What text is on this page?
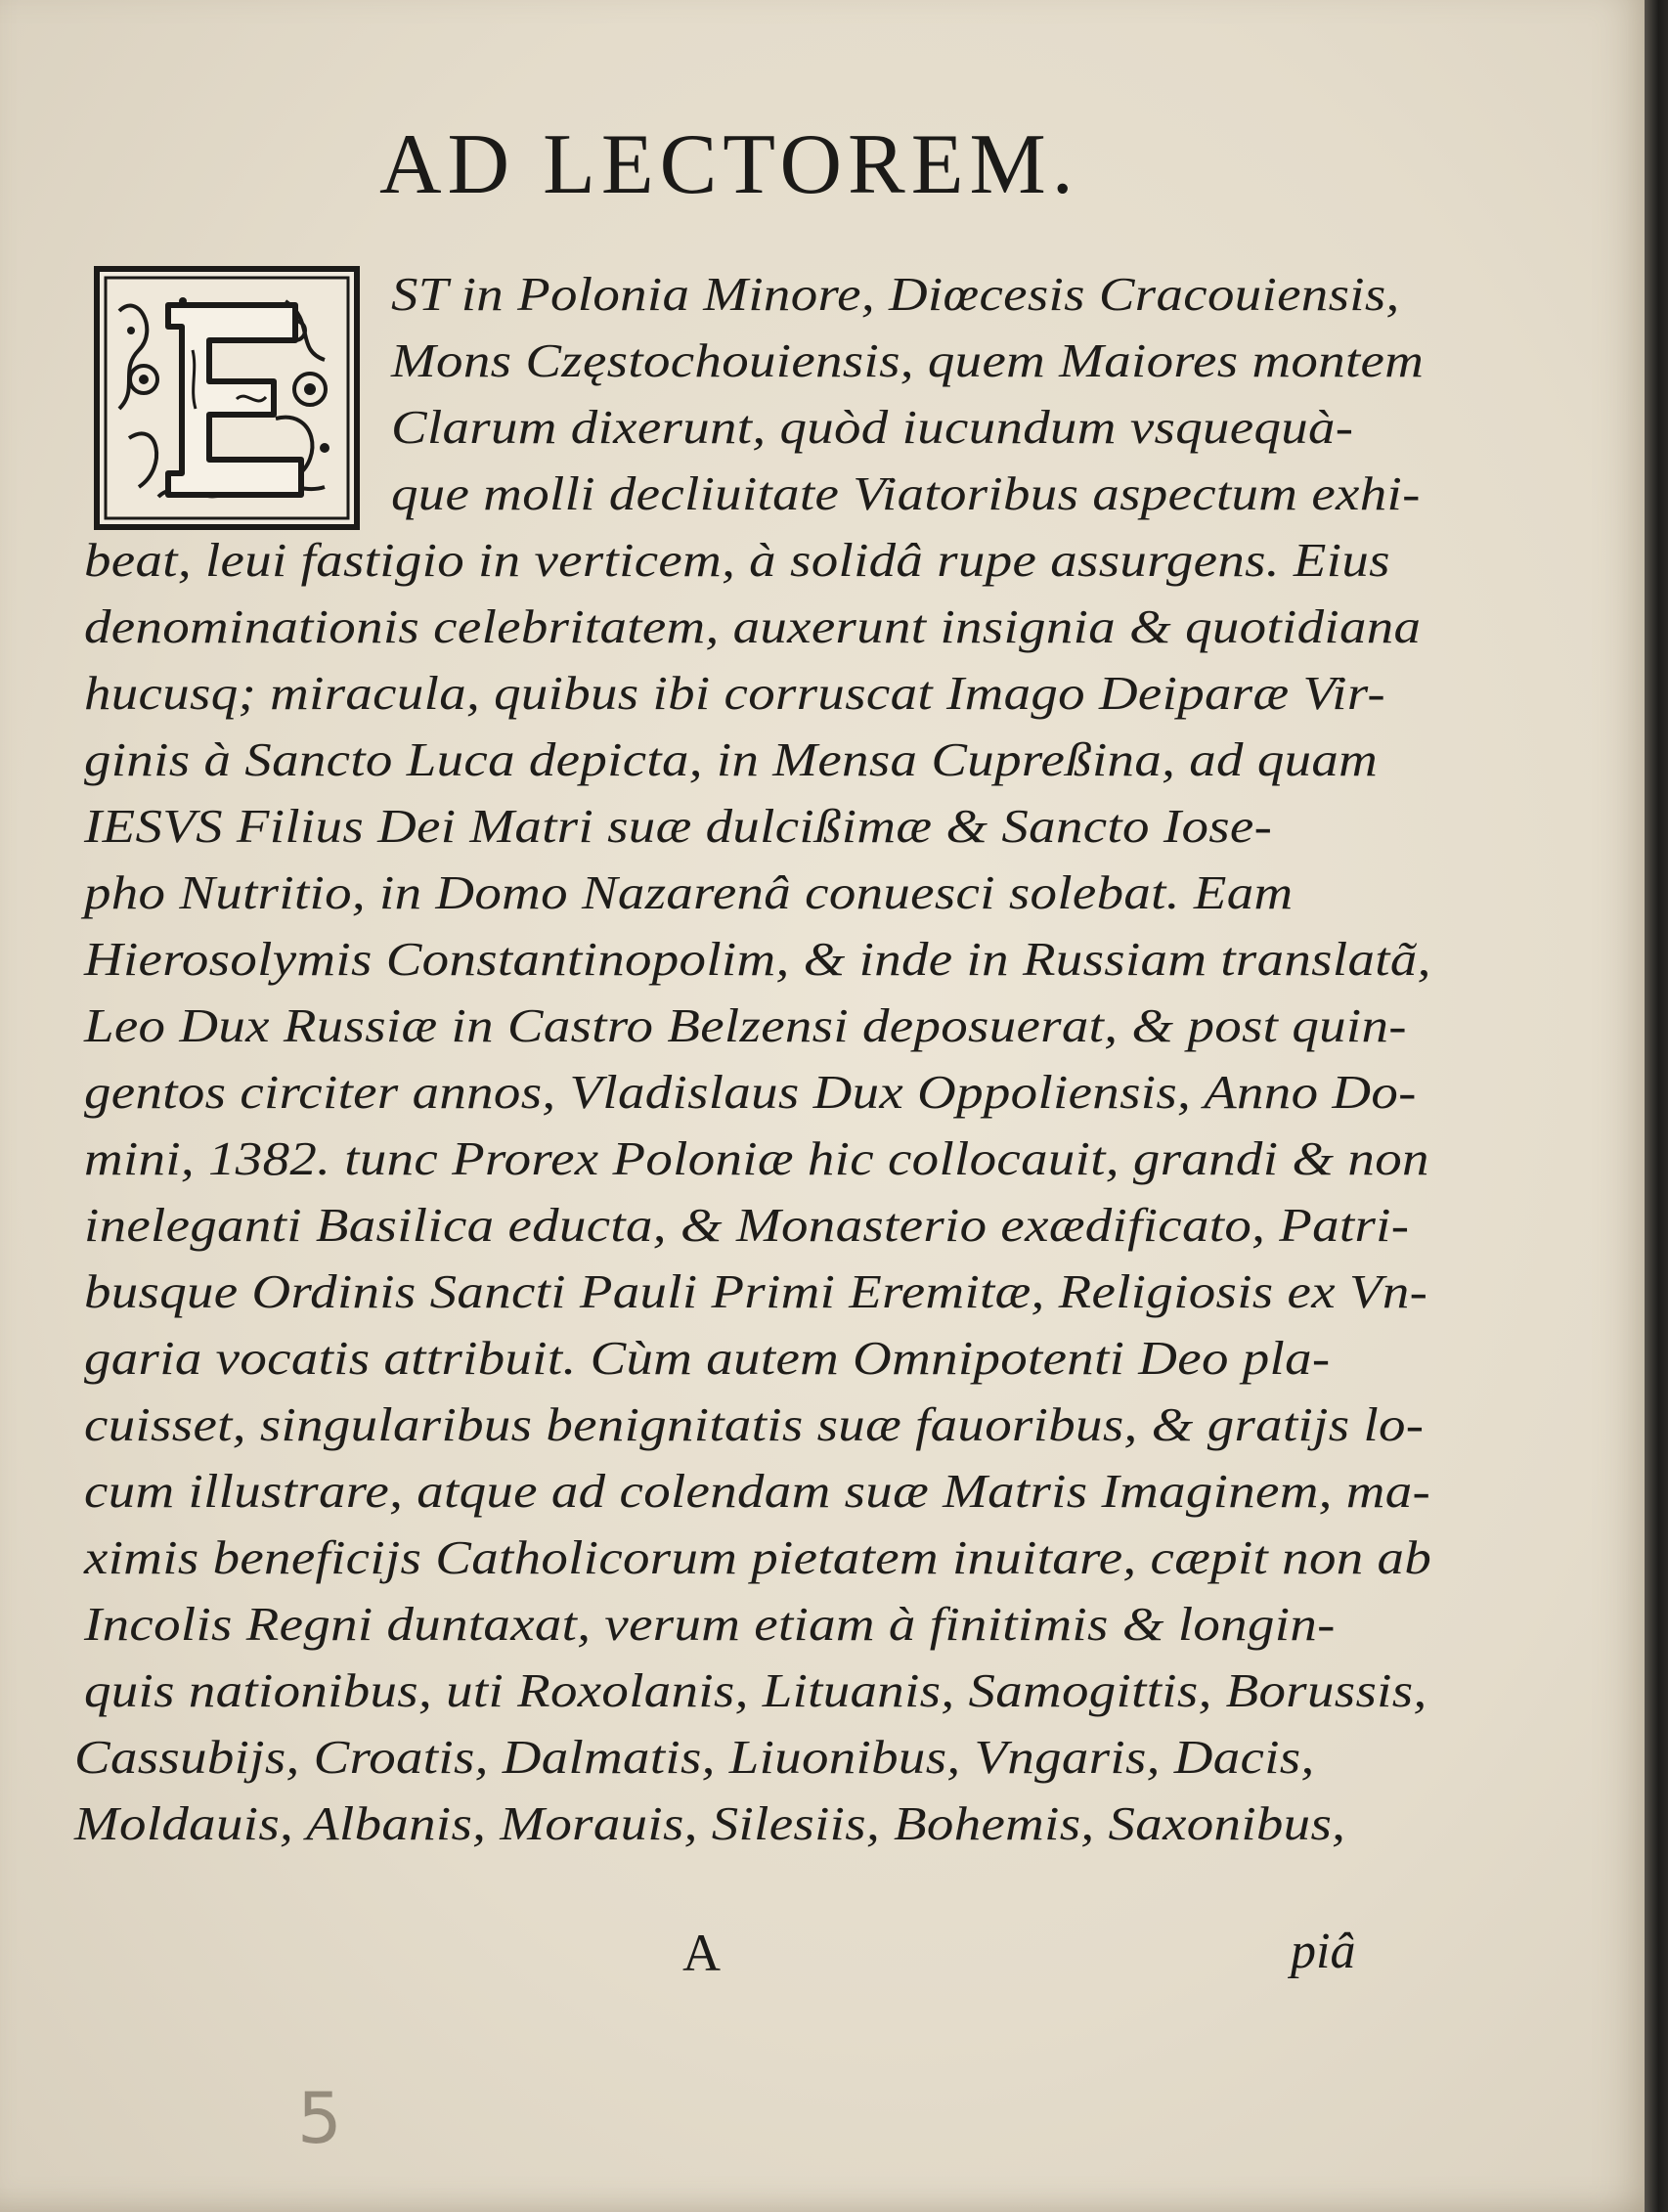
AD LECTOREM.
ST in Polonia Minore, Diœcesis Cracouiensis,
Mons Częstochouiensis, quem Maiores montem
Clarum dixerunt, quòd iucundum vsquequà-
que molli decliuitate Viatoribus aspectum exhi-
beat, leui fastigio in verticem, à solidâ rupe assurgens. Eius
denominationis celebritatem, auxerunt insignia & quotidiana
hucusq; miracula, quibus ibi corruscat Imago Deiparæ Vir-
ginis à Sancto Luca depicta, in Mensa Cupreßina, ad quam
IESVS Filius Dei Matri suæ dulcißimæ & Sancto Iose-
pho Nutritio, in Domo Nazarenâ conuesci solebat. Eam
Hierosolymis Constantinopolim, & inde in Russiam translatã,
Leo Dux Russiæ in Castro Belzensi deposuerat, & post quin-
gentos circiter annos, Vladislaus Dux Oppoliensis, Anno Do-
mini, 1382. tunc Prorex Poloniæ hic collocauit, grandi & non
ineleganti Basilica educta, & Monasterio exædificato, Patri-
busque Ordinis Sancti Pauli Primi Eremitæ, Religiosis ex Vn-
garia vocatis attribuit. Cùm autem Omnipotenti Deo pla-
cuisset, singularibus benignitatis suæ fauoribus, & gratijs lo-
cum illustrare, atque ad colendam suæ Matris Imaginem, ma-
ximis beneficijs Catholicorum pietatem inuitare, cæpit non ab
Incolis Regni duntaxat, verum etiam à finitimis & longin-
quis nationibus, uti Roxolanis, Lituanis, Samogittis, Borussis,
Cassubijs, Croatis, Dalmatis, Liuonibus, Vngaris, Dacis,
Moldauis, Albanis, Morauis, Silesiis, Bohemis, Saxonibus,
A	piâ
5
